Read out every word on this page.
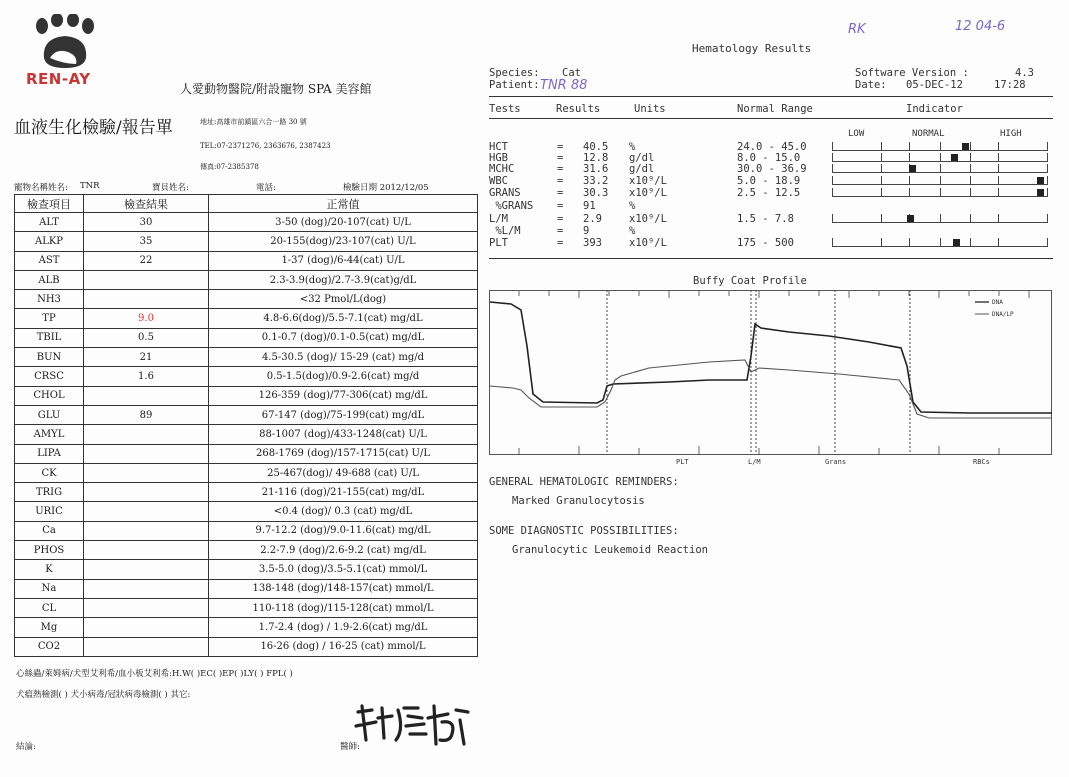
REN-AY
人愛動物醫院/附設寵物 SPA 美容館
血液生化檢驗/報告單	地址:高雄市前鎮區六合一路 30 號
TEL:07-2371276, 2363676, 2387423
傳真:07-2385378
寵物名稱姓名: TNR	寶貝姓名:	電話:	檢驗日期 2012/12/05
檢查項目	檢查結果	正常值
ALT	30	3-50 (dog)/20-107(cat) U/L
ALKP	35	20-155(dog)/23-107(cat) U/L
AST	22	1-37 (dog)/6-44(cat) U/L
ALB		2.3-3.9(dog)/2.7-3.9(cat)g/dL
NH3		<32 Pmol/L(dog)
TP	9.0	4.8-6.6(dog)/5.5-7.1(cat) mg/dL
TBIL	0.5	0.1-0.7 (dog)/0.1-0.5(cat) mg/dL
BUN	21	4.5-30.5 (dog)/ 15-29 (cat) mg/d
CRSC	1.6	0.5-1.5(dog)/0.9-2.6(cat) mg/d
CHOL		126-359 (dog)/77-306(cat) mg/dL
GLU	89	67-147 (dog)/75-199(cat) mg/dL
AMYL		88-1007 (dog)/433-1248(cat) U/L
LIPA		268-1769 (dog)/157-1715(cat) U/L
CK		25-467(dog)/ 49-688 (cat) U/L
TRIG		21-116 (dog)/21-155(cat) mg/dL
URIC		<0.4 (dog)/ 0.3 (cat) mg/dL
Ca		9.7-12.2 (dog)/9.0-11.6(cat) mg/dL
PHOS		2.2-7.9 (dog)/2.6-9.2 (cat) mg/dL
K		3.5-5.0 (dog)/3.5-5.1(cat) mmol/L
Na		138-148 (dog)/148-157(cat) mmol/L
CL		110-118 (dog)/115-128(cat) mmol/L
Mg		1.7-2.4 (dog) / 1.9-2.6(cat) mg/dL
CO2		16-26 (dog) / 16-25 (cat) mmol/L
心絲蟲/萊姆病/犬型艾利希/血小板艾利希:H.W( )EC( )EP( )LY( ) FPL( )
犬瘟熱檢測( ) 犬小病毒/冠狀病毒檢測( ) 其它:
結論:	醫師:
Hematology Results
RK	12 04-6
Species: Cat
Patient: TNR 88
Software Version :	4.3
Date: 05-DEC-12	17:28
Tests	Results	Units	Normal Range	Indicator
LOW	NORMAL	HIGH
HCT	= 40.5 %	24.0 - 45.0
HGB	= 12.8 g/dl	8.0 - 15.0
MCHC	= 31.6 g/dl	30.0 - 36.9
WBC	= 33.2 x10⁹/L	5.0 - 18.9
GRANS	= 30.3 x10⁹/L	2.5 - 12.5
%GRANS = 91	%
L/M	= 2.9	x10⁹/L	1.5 - 7.8
%L/M	= 9	%
PLT	= 393	x10⁹/L	175 - 500
Buffy Coat Profile
DNA
DNA/LP
PLT	L/M	Grans	RBCs
GENERAL HEMATOLOGIC REMINDERS:
Marked Granulocytosis
SOME DIAGNOSTIC POSSIBILITIES:
Granulocytic Leukemoid Reaction
